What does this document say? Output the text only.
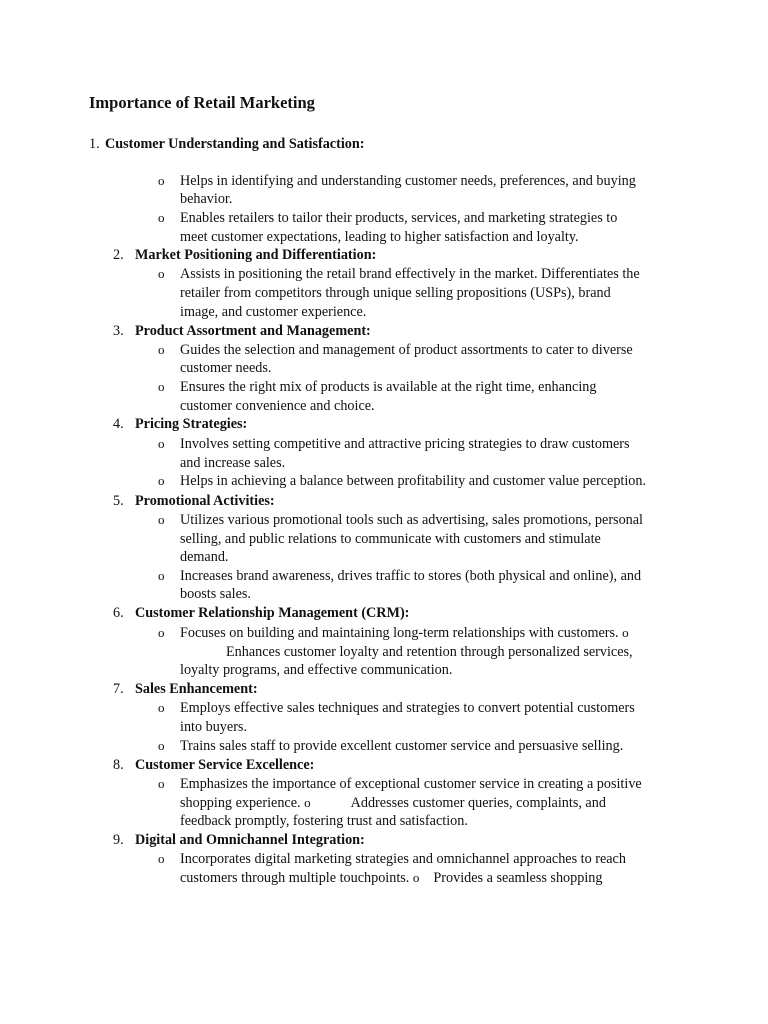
Importance of Retail Marketing
1. Customer Understanding and Satisfaction:
o Helps in identifying and understanding customer needs, preferences, and buying
behavior.
o Enables retailers to tailor their products, services, and marketing strategies to
meet customer expectations, leading to higher satisfaction and loyalty.
2. Market Positioning and Differentiation:
o Assists in positioning the retail brand effectively in the market. Differentiates the
retailer from competitors through unique selling propositions (USPs), brand
image, and customer experience.
3. Product Assortment and Management:
o Guides the selection and management of product assortments to cater to diverse
customer needs.
o Ensures the right mix of products is available at the right time, enhancing
customer convenience and choice.
4. Pricing Strategies:
o Involves setting competitive and attractive pricing strategies to draw customers
and increase sales.
o Helps in achieving a balance between profitability and customer value perception.
5. Promotional Activities:
o Utilizes various promotional tools such as advertising, sales promotions, personal
selling, and public relations to communicate with customers and stimulate
demand.
o Increases brand awareness, drives traffic to stores (both physical and online), and
boosts sales.
6. Customer Relationship Management (CRM):
o Focuses on building and maintaining long-term relationships with customers. o
Enhances customer loyalty and retention through personalized services,
loyalty programs, and effective communication.
7. Sales Enhancement:
o Employs effective sales techniques and strategies to convert potential customers
into buyers.
o Trains sales staff to provide excellent customer service and persuasive selling.
8. Customer Service Excellence:
o Emphasizes the importance of exceptional customer service in creating a positive
shopping experience. o	Addresses customer queries, complaints, and
feedback promptly, fostering trust and satisfaction.
9. Digital and Omnichannel Integration:
o Incorporates digital marketing strategies and omnichannel approaches to reach
customers through multiple touchpoints. o Provides a seamless shopping
